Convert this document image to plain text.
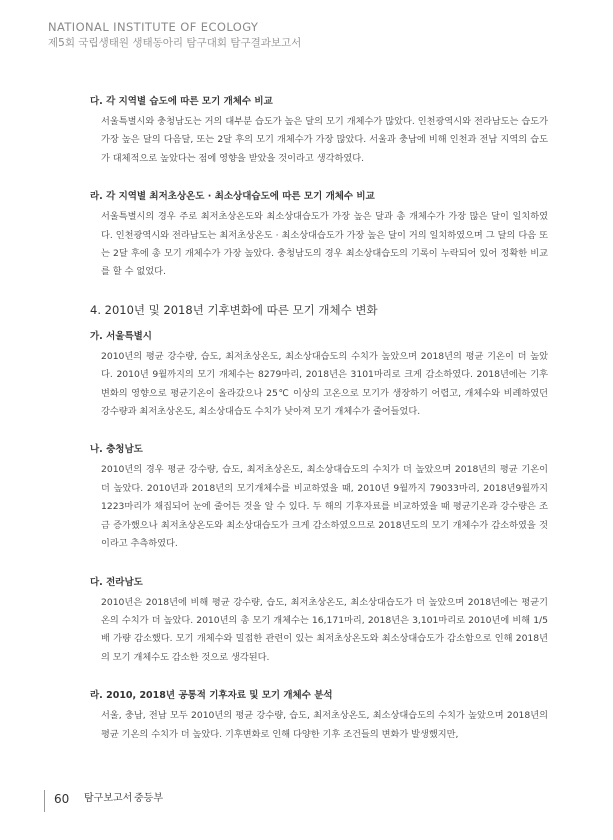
NATIONAL INSTITUTE OF ECOLOGY
제5회 국립생태원 생태동아리 탐구대회 탐구결과보고서
다. 각 지역별 습도에 따른 모기 개체수 비교

서울특별시와 충청남도는 거의 대부분 습도가 높은 달의 모기 개체수가 많았다. 인천광역시와 전라남도는 습도가 가장 높은 달의 다음달, 또는 2달 후의 모기 개체수가 가장 많았다. 서울과 충남에 비해 인천과 전남 지역의 습도가 대체적으로 높았다는 점에 영향을 받았을 것이라고 생각하였다.

라. 각 지역별 최저초상온도 · 최소상대습도에 따른 모기 개체수 비교

서울특별시의 경우 주로 최저초상온도와 최소상대습도가 가장 높은 달과 총 개체수가 가장 많은 달이 일치하였다. 인천광역시와 전라남도는 최저초상온도 · 최소상대습도가 가장 높은 달이 거의 일치하였으며 그 달의 다음 또는 2달 후에 총 모기 개체수가 가장 높았다. 충청남도의 경우 최소상대습도의 기록이 누락되어 있어 정확한 비교를 할 수 없었다.

4. 2010년 및 2018년 기후변화에 따른 모기 개체수 변화
가. 서울특별시

2010년의 평균 강수량, 습도, 최저초상온도, 최소상대습도의 수치가 높았으며 2018년의 평균 기온이 더 높았다. 2010년 9월까지의 모기 개체수는 8279마리, 2018년은 3101마리로 크게 감소하였다. 2018년에는 기후변화의 영향으로 평균기온이 올라갔으나 25℃ 이상의 고온으로 모기가 생장하기 어렵고, 개체수와 비례하였던 강수량과 최저초상온도, 최소상대습도 수치가 낮아져 모기 개체수가 줄어들었다.

나. 충청남도

2010년의 경우 평균 강수량, 습도, 최저초상온도, 최소상대습도의 수치가 더 높았으며 2018년의 평균 기온이 더 높았다. 2010년과 2018년의 모기개체수를 비교하였을 때, 2010년 9월까지 79033마리, 2018년9월까지 1223마리가 채집되어 눈에 줄어든 것을 알 수 있다. 두 해의 기후자료를 비교하였을 때 평균기온과 강수량은 조금 증가했으나 최저초상온도와 최소상대습도가 크게 감소하였으므로 2018년도의 모기 개체수가 감소하였을 것이라고 추측하였다.

다. 전라남도

2010년은 2018년에 비해 평균 강수량, 습도, 최저초상온도, 최소상대습도가 더 높았으며 2018년에는 평균기온의 수치가 더 높았다. 2010년의 총 모기 개체수는 16,171마리, 2018년은 3,101마리로 2010년에 비해 1/5배 가량 감소했다. 모기 개체수와 밀접한 관련이 있는 최저초상온도와 최소상대습도가 감소함으로 인해 2018년의 모기 개체수도 감소한 것으로 생각된다.

라. 2010, 2018년 공통적 기후자료 및 모기 개체수 분석

서울, 충남, 전남 모두 2010년의 평균 강수량, 습도, 최저초상온도, 최소상대습도의 수치가 높았으며 2018년의 평균 기온의 수치가 더 높았다. 기후변화로 인해 다양한 기후 조건들의 변화가 발생했지만,

60 탐구보고서 중등부
